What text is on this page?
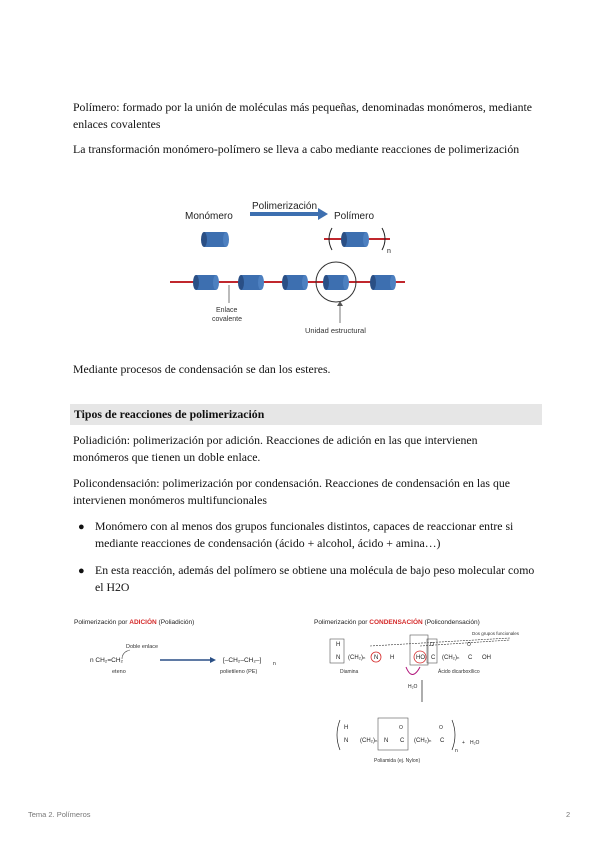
Polímero: formado por la unión de moléculas más pequeñas, denominadas monómeros, mediante enlaces covalentes

La transformación monómero-polímero se lleva a cabo mediante reacciones de polimerización

Monómero
Polimerización
Polímero
n
Enlace
covalente
Unidad estructural

Mediante procesos de condensación se dan los esteres.

Tipos de reacciones de polimerización

Poliadición: polimerización por adición. Reacciones de adición en las que intervienen monómeros que tienen un doble enlace.

Policondensación: polimerización por condensación. Reacciones de condensación en las que intervienen monómeros multifuncionales

● Monómero con al menos dos grupos funcionales distintos, capaces de reaccionar entre si mediante reacciones de condensación (ácido + alcohol, ácido + amina…)

● En esta reacción, además del polímero se obtiene una molécula de bajo peso molecular como el H2O

Polimerización por ADICIÓN (Poliadición)
Doble enlace
n CH₂=CH₂
eteno
[–CH₂–CH₂–] n
polietileno (PE)
Polimerización por CONDENSACIÓN (Policondensación)
Dos grupos funcionales
H
N (CH₂)ₙ N H	HO C (CH₂)ₙ C OH
O	O
Diamina	Ácido dicarboxílico
H₂O
H
N (CH₂)ₙ N C (CH₂)ₙ C
O	O
n
+ H₂O
Poliamida (ej. Nylon)
Tema 2. Polímeros	2
